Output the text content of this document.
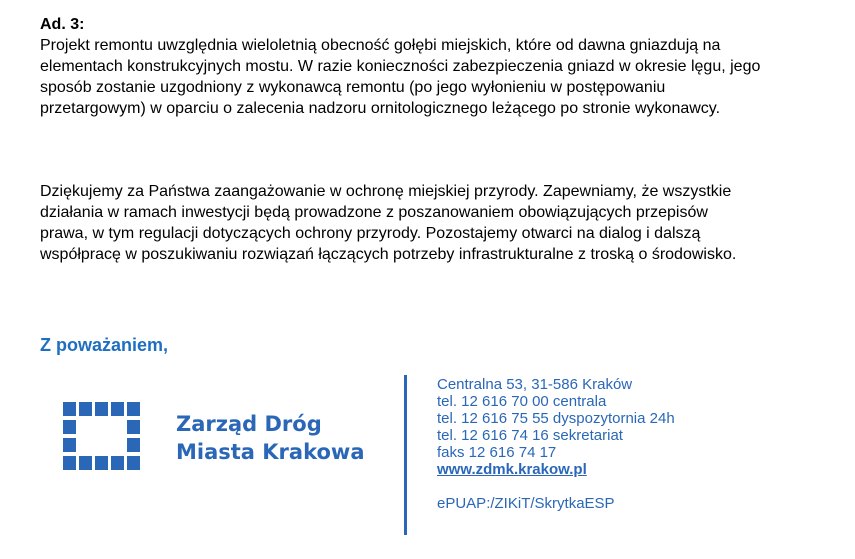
Ad. 3:
Projekt remontu uwzględnia wieloletnią obecność gołębi miejskich, które od dawna gniazdują na
elementach konstrukcyjnych mostu. W razie konieczności zabezpieczenia gniazd w okresie lęgu, jego
sposób zostanie uzgodniony z wykonawcą remontu (po jego wyłonieniu w postępowaniu
przetargowym) w oparciu o zalecenia nadzoru ornitologicznego leżącego po stronie wykonawcy.
Dziękujemy za Państwa zaangażowanie w ochronę miejskiej przyrody. Zapewniamy, że wszystkie
działania w ramach inwestycji będą prowadzone z poszanowaniem obowiązujących przepisów
prawa, w tym regulacji dotyczących ochrony przyrody. Pozostajemy otwarci na dialog i dalszą
współpracę w poszukiwaniu rozwiązań łączących potrzeby infrastrukturalne z troską o środowisko.
Z poważaniem,
Zarząd Dróg
Miasta Krakowa
Centralna 53, 31-586 Kraków
tel. 12 616 70 00 centrala
tel. 12 616 75 55 dyspozytornia 24h
tel. 12 616 74 16 sekretariat
faks 12 616 74 17
www.zdmk.krakow.pl
ePUAP:/ZIKiT/SkrytkaESP
